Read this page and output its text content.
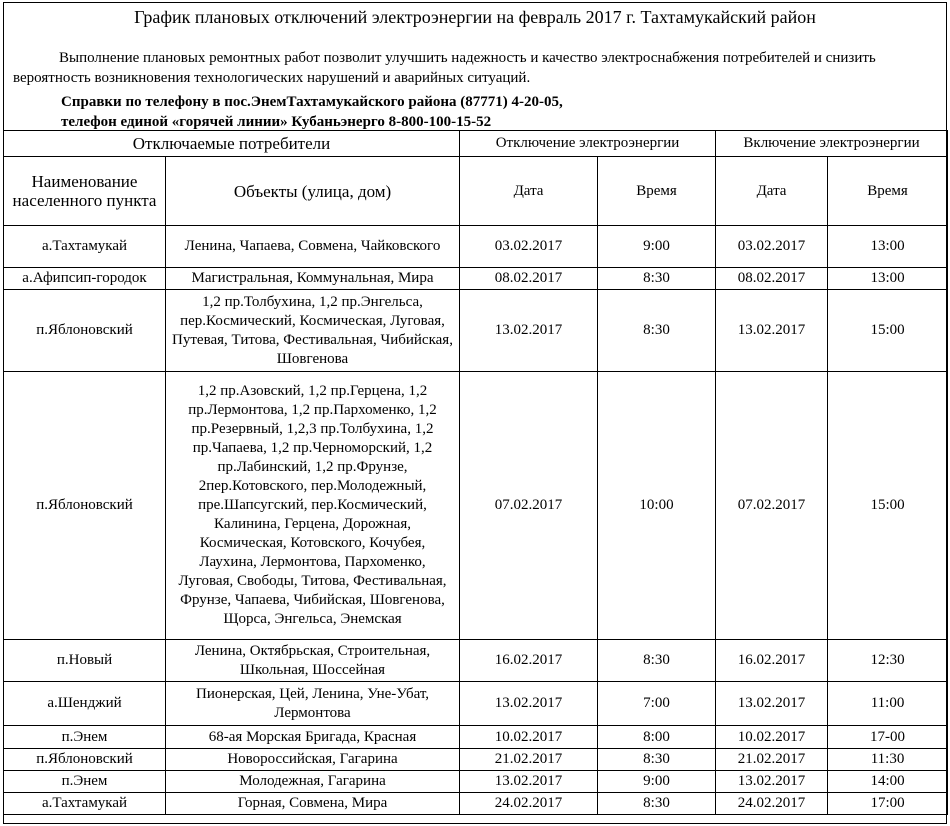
График плановых отключений электроэнергии на февраль 2017 г. Тахтамукайский район
Выполнение плановых ремонтных работ позволит улучшить надежность и качество электроснабжения потребителей и снизить вероятность возникновения технологических нарушений и аварийных ситуаций.
Справки по телефону в пос.ЭнемТахтамукайского района (87771) 4-20-05,
телефон единой «горячей линии» Кубаньэнерго 8-800-100-15-52
Отключаемые потребители		Отключение электроэнергии		Включение электроэнергии	
Наименование населенного пункта	Объекты (улица, дом)	Дата	Время	Дата	Время
а.Тахтамукай	Ленина, Чапаева, Совмена, Чайковского	03.02.2017	9:00	03.02.2017	13:00
а.Афипсип-городок	Магистральная, Коммунальная, Мира	08.02.2017	8:30	08.02.2017	13:00
п.Яблоновский	1,2 пр.Толбухина, 1,2 пр.Энгельса, пер.Космический, Космическая, Луговая, Путевая, Титова, Фестивальная, Чибийская, Шовгенова	13.02.2017	8:30	13.02.2017	15:00
п.Яблоновский	1,2 пр.Азовский, 1,2 пр.Герцена, 1,2 пр.Лермонтова, 1,2 пр.Пархоменко, 1,2 пр.Резервный, 1,2,3 пр.Толбухина, 1,2 пр.Чапаева, 1,2 пр.Черноморский, 1,2 пр.Лабинский, 1,2 пр.Фрунзе, 2пер.Котовского, пер.Молодежный, пре.Шапсугский, пер.Космический, Калинина, Герцена, Дорожная, Космическая, Котовского, Кочубея, Лаухина, Лермонтова, Пархоменко, Луговая, Свободы, Титова, Фестивальная, Фрунзе, Чапаева, Чибийская, Шовгенова, Щорса, Энгельса, Энемская	07.02.2017	10:00	07.02.2017	15:00
п.Новый	Ленина, Октябрьская, Строительная, Школьная, Шоссейная	16.02.2017	8:30	16.02.2017	12:30
а.Шенджий	Пионерская, Цей, Ленина, Уне-Убат, Лермонтова	13.02.2017	7:00	13.02.2017	11:00
п.Энем	68-ая Морская Бригада, Красная	10.02.2017	8:00	10.02.2017	17-00
п.Яблоновский	Новороссийская, Гагарина	21.02.2017	8:30	21.02.2017	11:30
п.Энем	Молодежная, Гагарина	13.02.2017	9:00	13.02.2017	14:00
а.Тахтамукай	Горная, Совмена, Мира	24.02.2017	8:30	24.02.2017	17:00
